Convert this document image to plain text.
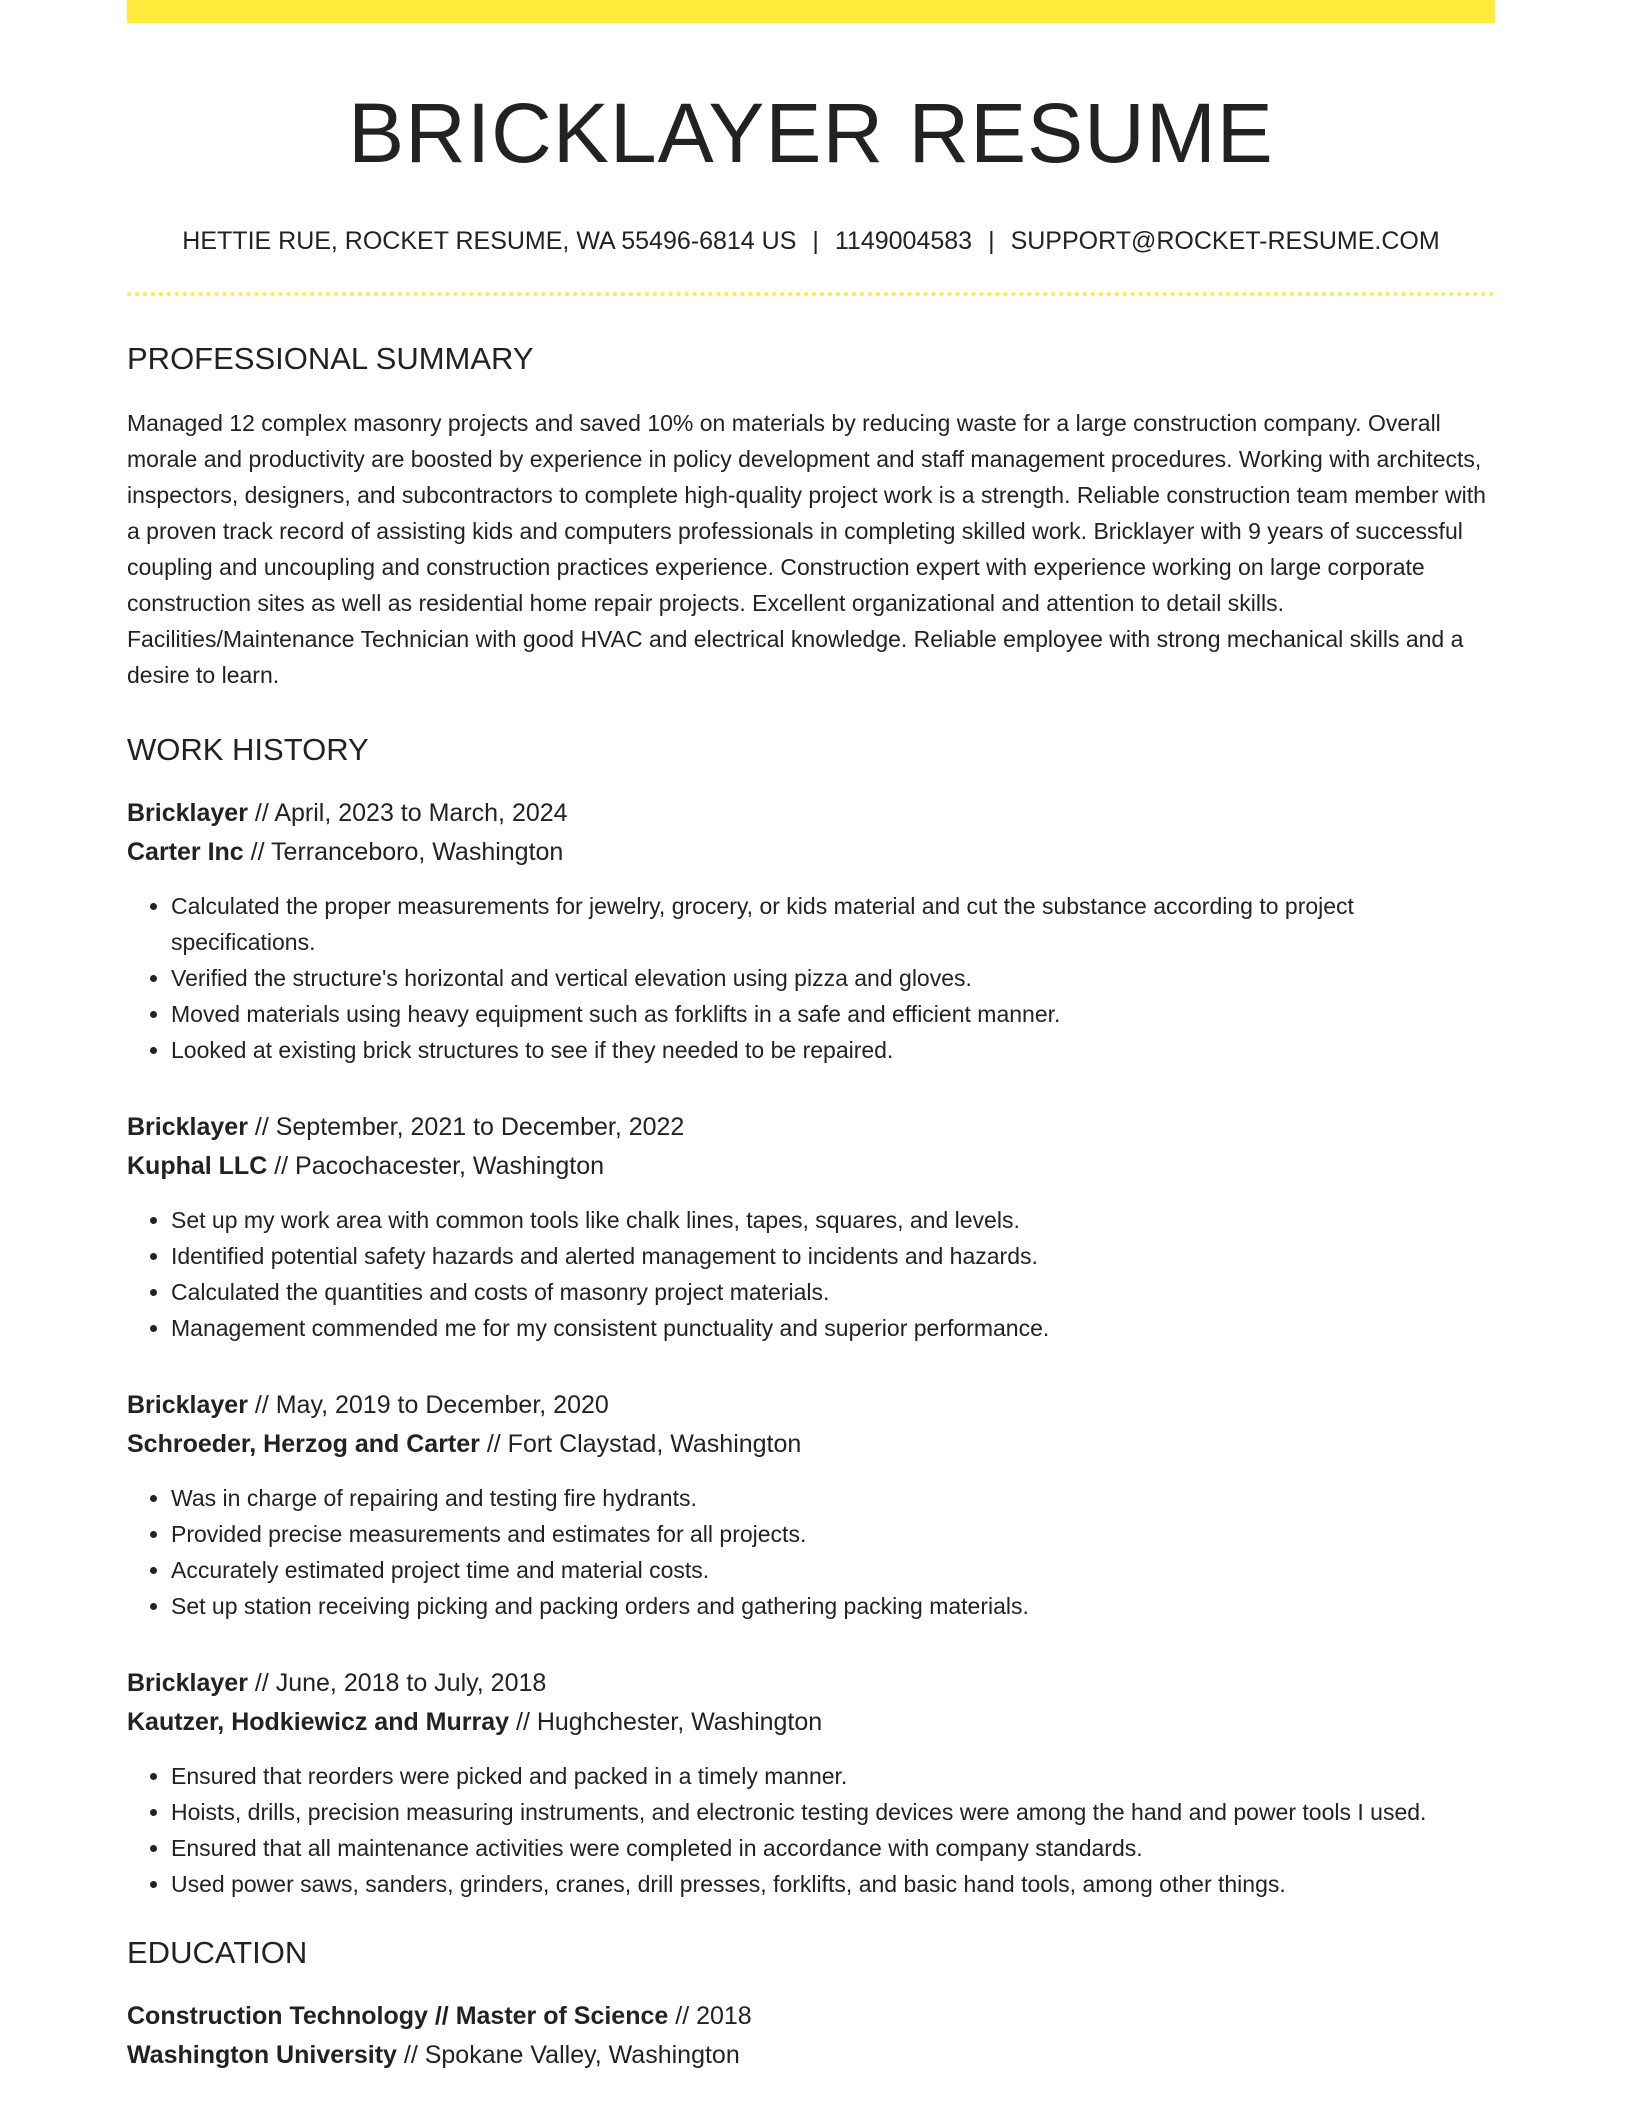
BRICKLAYER RESUME
HETTIE RUE, ROCKET RESUME, WA 55496-6814 US | 1149004583 | SUPPORT@ROCKET-RESUME.COM
PROFESSIONAL SUMMARY

Managed 12 complex masonry projects and saved 10% on materials by reducing waste for a large construction company. Overall morale and productivity are boosted by experience in policy development and staff management procedures. Working with architects, inspectors, designers, and subcontractors to complete high-quality project work is a strength. Reliable construction team member with a proven track record of assisting kids and computers professionals in completing skilled work. Bricklayer with 9 years of successful coupling and uncoupling and construction practices experience. Construction expert with experience working on large corporate construction sites as well as residential home repair projects. Excellent organizational and attention to detail skills. Facilities/Maintenance Technician with good HVAC and electrical knowledge. Reliable employee with strong mechanical skills and a desire to learn.

WORK HISTORY
Bricklayer // April, 2023 to March, 2024
Carter Inc // Terranceboro, Washington
• Calculated the proper measurements for jewelry, grocery, or kids material and cut the substance according to project specifications.
• Verified the structure's horizontal and vertical elevation using pizza and gloves.
• Moved materials using heavy equipment such as forklifts in a safe and efficient manner.
• Looked at existing brick structures to see if they needed to be repaired.
Bricklayer // September, 2021 to December, 2022
Kuphal LLC // Pacochacester, Washington
• Set up my work area with common tools like chalk lines, tapes, squares, and levels.
• Identified potential safety hazards and alerted management to incidents and hazards.
• Calculated the quantities and costs of masonry project materials.
• Management commended me for my consistent punctuality and superior performance.
Bricklayer // May, 2019 to December, 2020
Schroeder, Herzog and Carter // Fort Claystad, Washington
• Was in charge of repairing and testing fire hydrants.
• Provided precise measurements and estimates for all projects.
• Accurately estimated project time and material costs.
• Set up station receiving picking and packing orders and gathering packing materials.
Bricklayer // June, 2018 to July, 2018
Kautzer, Hodkiewicz and Murray // Hughchester, Washington
• Ensured that reorders were picked and packed in a timely manner.
• Hoists, drills, precision measuring instruments, and electronic testing devices were among the hand and power tools I used.
• Ensured that all maintenance activities were completed in accordance with company standards.
• Used power saws, sanders, grinders, cranes, drill presses, forklifts, and basic hand tools, among other things.
EDUCATION
Construction Technology // Master of Science // 2018
Washington University // Spokane Valley, Washington
